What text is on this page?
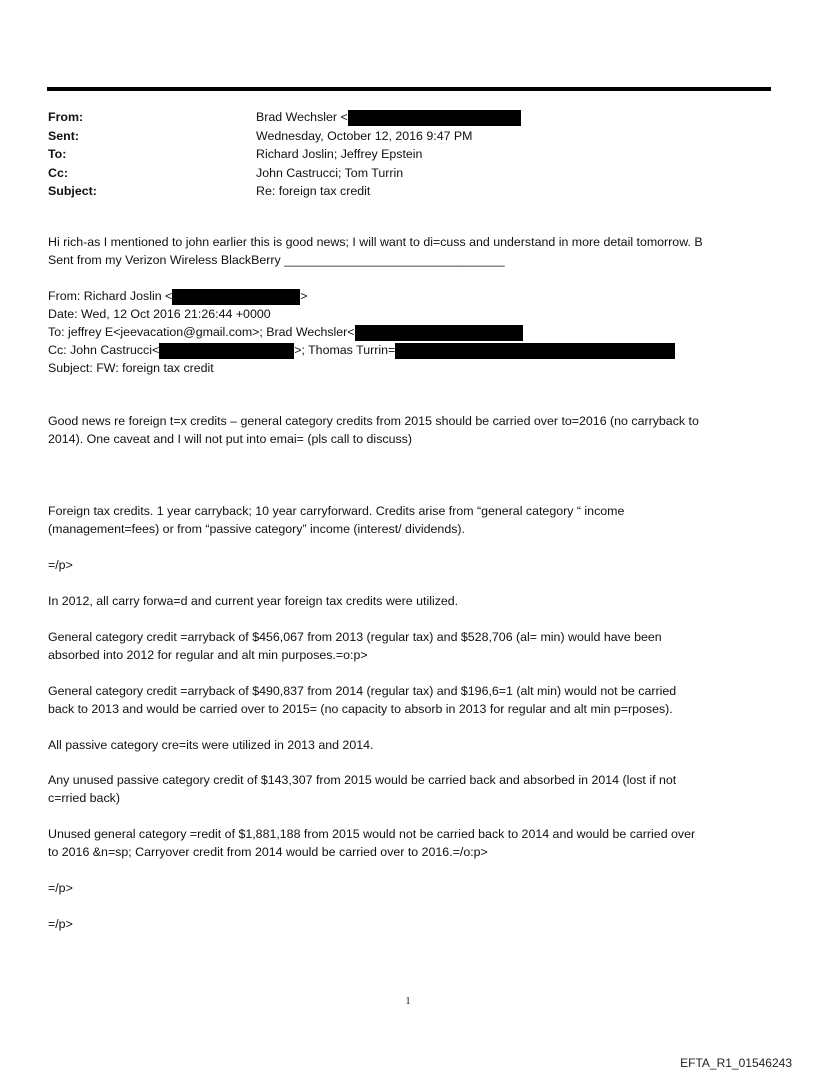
From:	Brad Wechsler <
Sent:	Wednesday, October 12, 2016 9:47 PM
To:	Richard Joslin; Jeffrey Epstein
Cc:	John Castrucci; Tom Turrin
Subject:	Re: foreign tax credit
Hi rich-as I mentioned to john earlier this is good news; I will want to di=cuss and understand in more detail tomorrow. B
Sent from my Verizon Wireless BlackBerry ________________________________
From: Richard Joslin <	>
Date: Wed, 12 Oct 2016 21:26:44 +0000
To: jeffrey E<jeevacation@gmail.com>; Brad Wechsler<
Cc: John Castrucci<	>; Thomas Turrin=
Subject: FW: foreign tax credit
Good news re foreign t=x credits – general category credits from 2015 should be carried over to=2016 (no carryback to
2014). One caveat and I will not put into emai= (pls call to discuss)
Foreign tax credits. 1 year carryback; 10 year carryforward. Credits arise from “general category “ income
(management=fees) or from “passive category” income (interest/ dividends).
=/p>
In 2012, all carry forwa=d and current year foreign tax credits were utilized.
General category credit =arryback of $456,067 from 2013 (regular tax) and $528,706 (al= min) would have been
absorbed into 2012 for regular and alt min purposes.=o:p>
General category credit =arryback of $490,837 from 2014 (regular tax) and $196,6=1 (alt min) would not be carried
back to 2013 and would be carried over to 2015= (no capacity to absorb in 2013 for regular and alt min p=rposes).
All passive category cre=its were utilized in 2013 and 2014.
Any unused passive category credit of $143,307 from 2015 would be carried back and absorbed in 2014 (lost if not
c=rried back)
Unused general category =redit of $1,881,188 from 2015 would not be carried back to 2014 and would be carried over
to 2016 &n=sp; Carryover credit from 2014 would be carried over to 2016.=/o:p>
=/p>
=/p>
1
EFTA_R1_01546243
